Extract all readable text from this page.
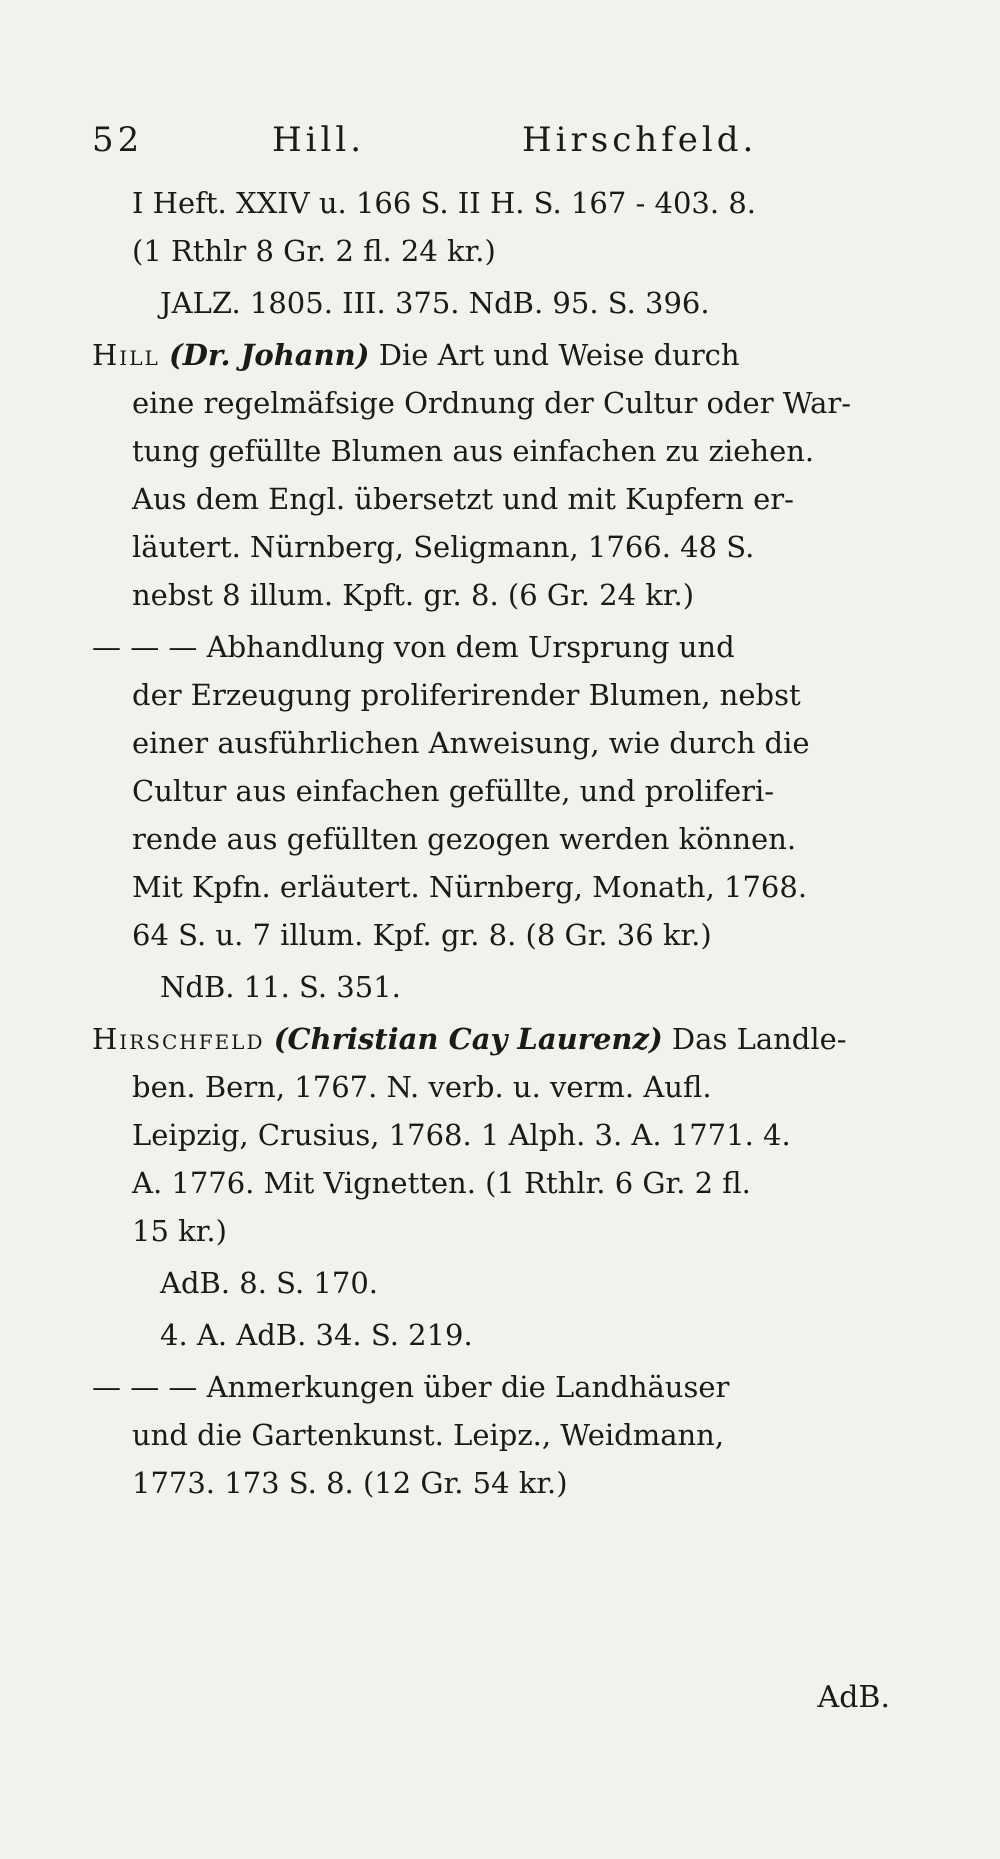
52	Hill.	Hirschfeld.
I Heft. XXIV u. 166 S. II H. S. 167 - 403. 8.
(1 Rthlr 8 Gr. 2 fl. 24 kr.)
JALZ. 1805. III. 375. NdB. 95. S. 396.
Hill (Dr. Johann) Die Art und Weise durch
eine regelmäfsige Ordnung der Cultur oder War-
tung gefüllte Blumen aus einfachen zu ziehen.
Aus dem Engl. übersetzt und mit Kupfern er-
läutert. Nürnberg, Seligmann, 1766. 48 S.
nebst 8 illum. Kpft. gr. 8. (6 Gr. 24 kr.)
— — — Abhandlung von dem Ursprung und
der Erzeugung proliferirender Blumen, nebst
einer ausführlichen Anweisung, wie durch die
Cultur aus einfachen gefüllte, und proliferi-
rende aus gefüllten gezogen werden können.
Mit Kpfn. erläutert. Nürnberg, Monath, 1768.
64 S. u. 7 illum. Kpf. gr. 8. (8 Gr. 36 kr.)
NdB. 11. S. 351.
Hirschfeld (Christian Cay Laurenz) Das Landle-
ben. Bern, 1767. N. verb. u. verm. Aufl.
Leipzig, Crusius, 1768. 1 Alph. 3. A. 1771. 4.
A. 1776. Mit Vignetten. (1 Rthlr. 6 Gr. 2 fl.
15 kr.)
AdB. 8. S. 170.
4. A. AdB. 34. S. 219.
— — — Anmerkungen über die Landhäuser
und die Gartenkunst. Leipz., Weidmann,
1773. 173 S. 8. (12 Gr. 54 kr.)
AdB.
